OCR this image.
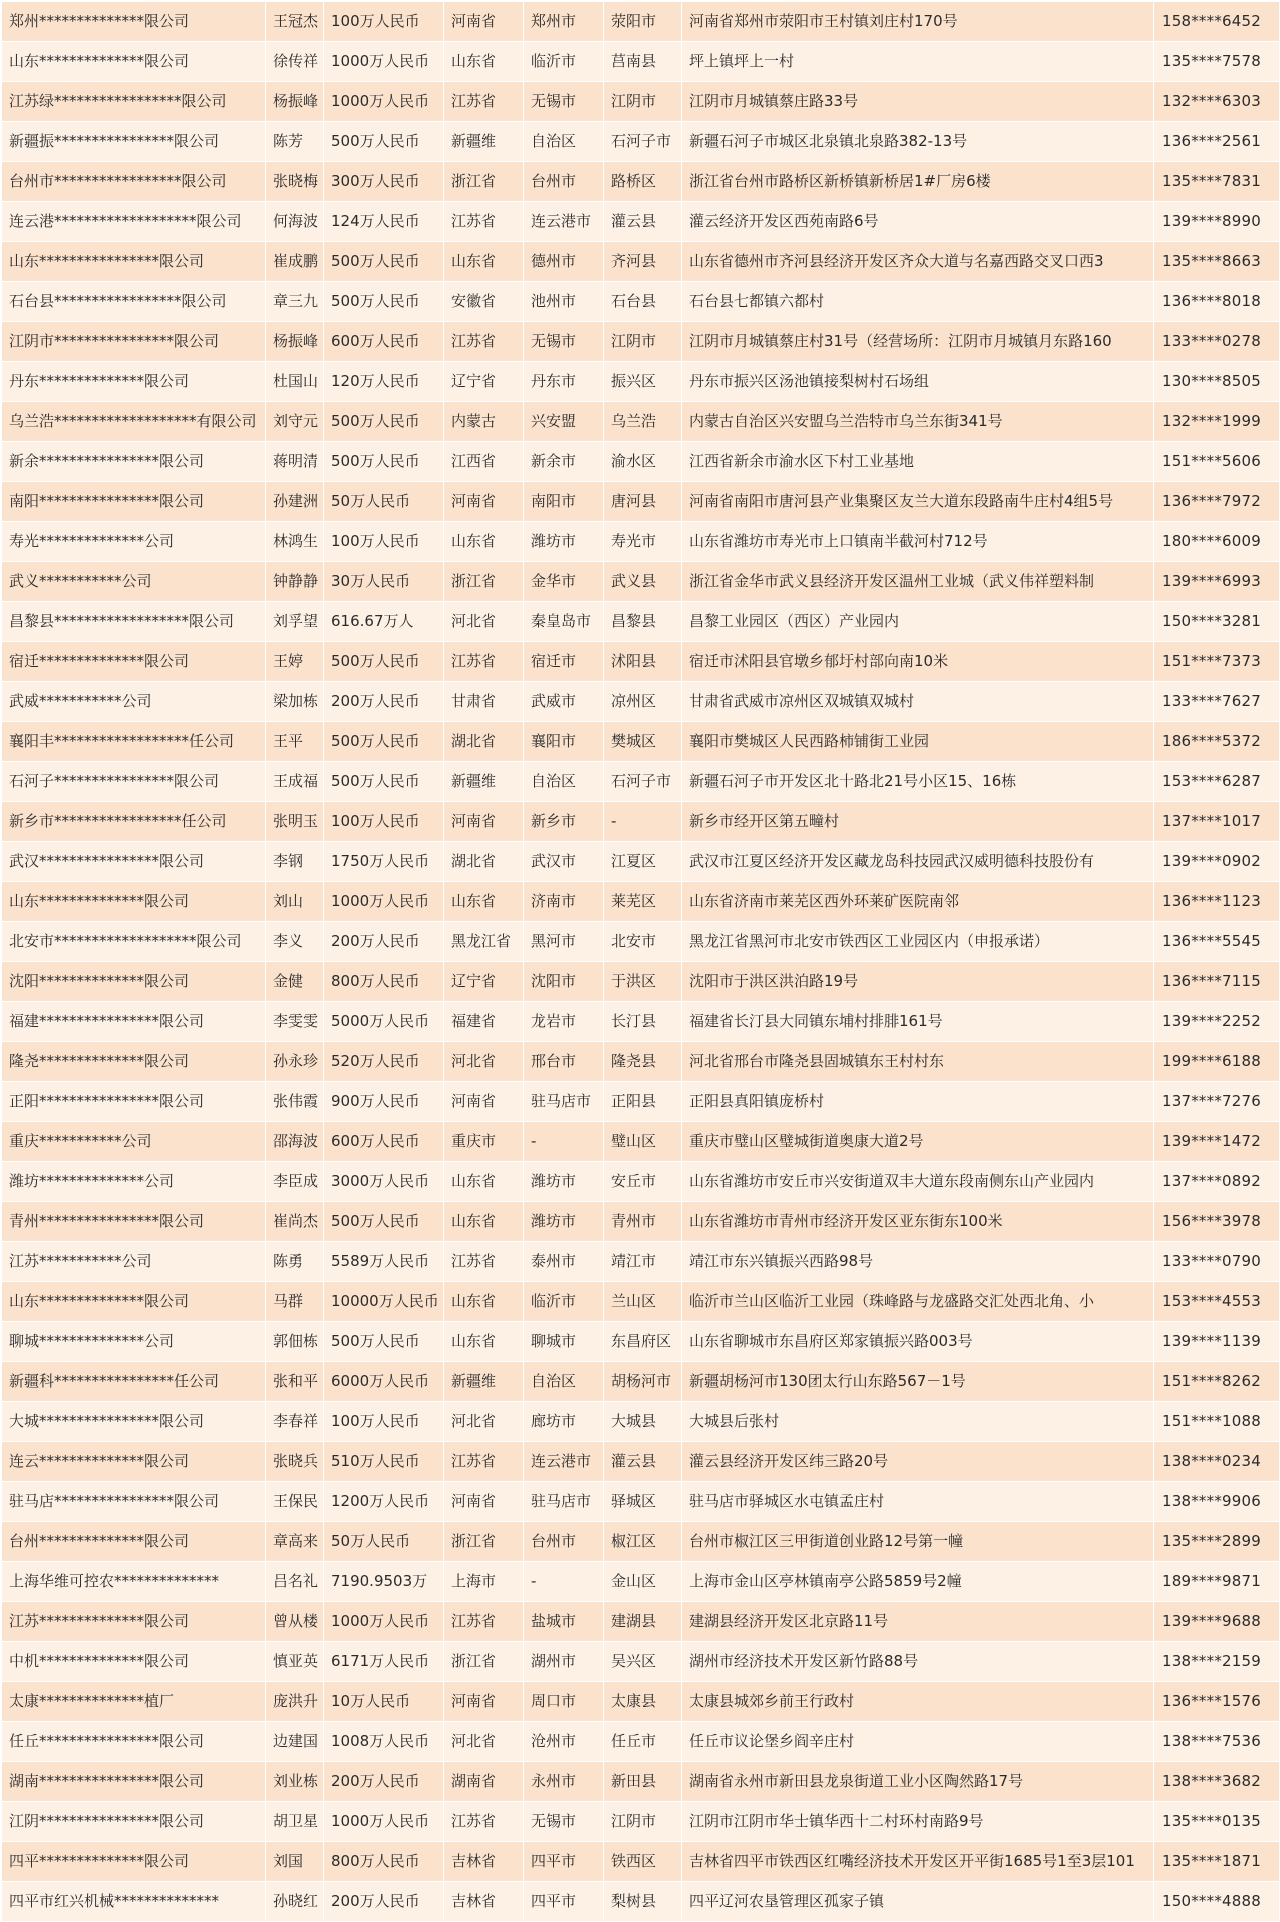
郑州**************限公司	王冠杰	100万人民币	河南省	郑州市	荥阳市	河南省郑州市荥阳市王村镇刘庄村170号	158****6452
山东**************限公司	徐传祥	1000万人民币	山东省	临沂市	莒南县	坪上镇坪上一村	135****7578
江苏绿*****************限公司	杨振峰	1000万人民币	江苏省	无锡市	江阴市	江阴市月城镇蔡庄路33号	132****6303
新疆振****************限公司	陈芳	500万人民币	新疆维	自治区	石河子市	新疆石河子市城区北泉镇北泉路382-13号	136****2561
台州市*****************限公司	张晓梅	300万人民币	浙江省	台州市	路桥区	浙江省台州市路桥区新桥镇新桥居1#厂房6楼	135****7831
连云港*******************限公司	何海波	124万人民币	江苏省	连云港市	灌云县	灌云经济开发区西苑南路6号	139****8990
山东****************限公司	崔成鹏	500万人民币	山东省	德州市	齐河县	山东省德州市齐河县经济开发区齐众大道与名嘉西路交叉口西3	135****8663
石台县*****************限公司	章三九	500万人民币	安徽省	池州市	石台县	石台县七都镇六都村	136****8018
江阴市****************限公司	杨振峰	600万人民币	江苏省	无锡市	江阴市	江阴市月城镇蔡庄村31号（经营场所：江阴市月城镇月东路160	133****0278
丹东**************限公司	杜国山	120万人民币	辽宁省	丹东市	振兴区	丹东市振兴区汤池镇接梨树村石场组	130****8505
乌兰浩*******************有限公司	刘守元	500万人民币	内蒙古	兴安盟	乌兰浩	内蒙古自治区兴安盟乌兰浩特市乌兰东街341号	132****1999
新余****************限公司	蒋明清	500万人民币	江西省	新余市	渝水区	江西省新余市渝水区下村工业基地	151****5606
南阳****************限公司	孙建洲	50万人民币	河南省	南阳市	唐河县	河南省南阳市唐河县产业集聚区友兰大道东段路南牛庄村4组5号	136****7972
寿光**************公司	林鸿生	100万人民币	山东省	潍坊市	寿光市	山东省潍坊市寿光市上口镇南半截河村712号	180****6009
武义***********公司	钟静静	30万人民币	浙江省	金华市	武义县	浙江省金华市武义县经济开发区温州工业城（武义伟祥塑料制	139****6993
昌黎县******************限公司	刘孚望	616.67万人	河北省	秦皇岛市	昌黎县	昌黎工业园区（西区）产业园内	150****3281
宿迁**************限公司	王婷	500万人民币	江苏省	宿迁市	沭阳县	宿迁市沭阳县官墩乡郁圩村部向南10米	151****7373
武威***********公司	梁加栋	200万人民币	甘肃省	武威市	凉州区	甘肃省武威市凉州区双城镇双城村	133****7627
襄阳丰******************任公司	王平	500万人民币	湖北省	襄阳市	樊城区	襄阳市樊城区人民西路柿铺街工业园	186****5372
石河子****************限公司	王成福	500万人民币	新疆维	自治区	石河子市	新疆石河子市开发区北十路北21号小区15、16栋	153****6287
新乡市*****************任公司	张明玉	100万人民币	河南省	新乡市	-	新乡市经开区第五疃村	137****1017
武汉****************限公司	李钢	1750万人民币	湖北省	武汉市	江夏区	武汉市江夏区经济开发区藏龙岛科技园武汉威明德科技股份有	139****0902
山东**************限公司	刘山	1000万人民币	山东省	济南市	莱芜区	山东省济南市莱芜区西外环莱矿医院南邻	136****1123
北安市*******************限公司	李义	200万人民币	黑龙江省	黑河市	北安市	黑龙江省黑河市北安市铁西区工业园区内（申报承诺）	136****5545
沈阳**************限公司	金健	800万人民币	辽宁省	沈阳市	于洪区	沈阳市于洪区洪泊路19号	136****7115
福建****************限公司	李雯雯	5000万人民币	福建省	龙岩市	长汀县	福建省长汀县大同镇东埔村排腓161号	139****2252
隆尧**************限公司	孙永珍	520万人民币	河北省	邢台市	隆尧县	河北省邢台市隆尧县固城镇东王村村东	199****6188
正阳****************限公司	张伟霞	900万人民币	河南省	驻马店市	正阳县	正阳县真阳镇庞桥村	137****7276
重庆***********公司	邵海波	600万人民币	重庆市	-	璧山区	重庆市璧山区璧城街道奥康大道2号	139****1472
潍坊**************公司	李臣成	3000万人民币	山东省	潍坊市	安丘市	山东省潍坊市安丘市兴安街道双丰大道东段南侧东山产业园内	137****0892
青州****************限公司	崔尚杰	500万人民币	山东省	潍坊市	青州市	山东省潍坊市青州市经济开发区亚东街东100米	156****3978
江苏***********公司	陈勇	5589万人民币	江苏省	泰州市	靖江市	靖江市东兴镇振兴西路98号	133****0790
山东**************限公司	马群	10000万人民币	山东省	临沂市	兰山区	临沂市兰山区临沂工业园（珠峰路与龙盛路交汇处西北角、小	153****4553
聊城**************公司	郭佃栋	500万人民币	山东省	聊城市	东昌府区	山东省聊城市东昌府区郑家镇振兴路003号	139****1139
新疆科****************任公司	张和平	6000万人民币	新疆维	自治区	胡杨河市	新疆胡杨河市130团太行山东路567－1号	151****8262
大城****************限公司	李春祥	100万人民币	河北省	廊坊市	大城县	大城县后张村	151****1088
连云**************限公司	张晓兵	510万人民币	江苏省	连云港市	灌云县	灌云县经济开发区纬三路20号	138****0234
驻马店****************限公司	王保民	1200万人民币	河南省	驻马店市	驿城区	驻马店市驿城区水屯镇孟庄村	138****9906
台州**************限公司	章高来	50万人民币	浙江省	台州市	椒江区	台州市椒江区三甲街道创业路12号第一幢	135****2899
上海华维可控农**************	吕名礼	7190.9503万	上海市	-	金山区	上海市金山区亭林镇南亭公路5859号2幢	189****9871
江苏**************限公司	曾从楼	1000万人民币	江苏省	盐城市	建湖县	建湖县经济开发区北京路11号	139****9688
中机**************限公司	慎亚英	6171万人民币	浙江省	湖州市	吴兴区	湖州市经济技术开发区新竹路88号	138****2159
太康**************植厂	庞洪升	10万人民币	河南省	周口市	太康县	太康县城郊乡前王行政村	136****1576
任丘****************限公司	边建国	1008万人民币	河北省	沧州市	任丘市	任丘市议论堡乡阎辛庄村	138****7536
湖南****************限公司	刘业栋	200万人民币	湖南省	永州市	新田县	湖南省永州市新田县龙泉街道工业小区陶然路17号	138****3682
江阴****************限公司	胡卫星	1000万人民币	江苏省	无锡市	江阴市	江阴市江阴市华士镇华西十二村环村南路9号	135****0135
四平**************限公司	刘国	800万人民币	吉林省	四平市	铁西区	吉林省四平市铁西区红嘴经济技术开发区开平街1685号1至3层101	135****1871
四平市红兴机械**************	孙晓红	200万人民币	吉林省	四平市	梨树县	四平辽河农垦管理区孤家子镇	150****4888
